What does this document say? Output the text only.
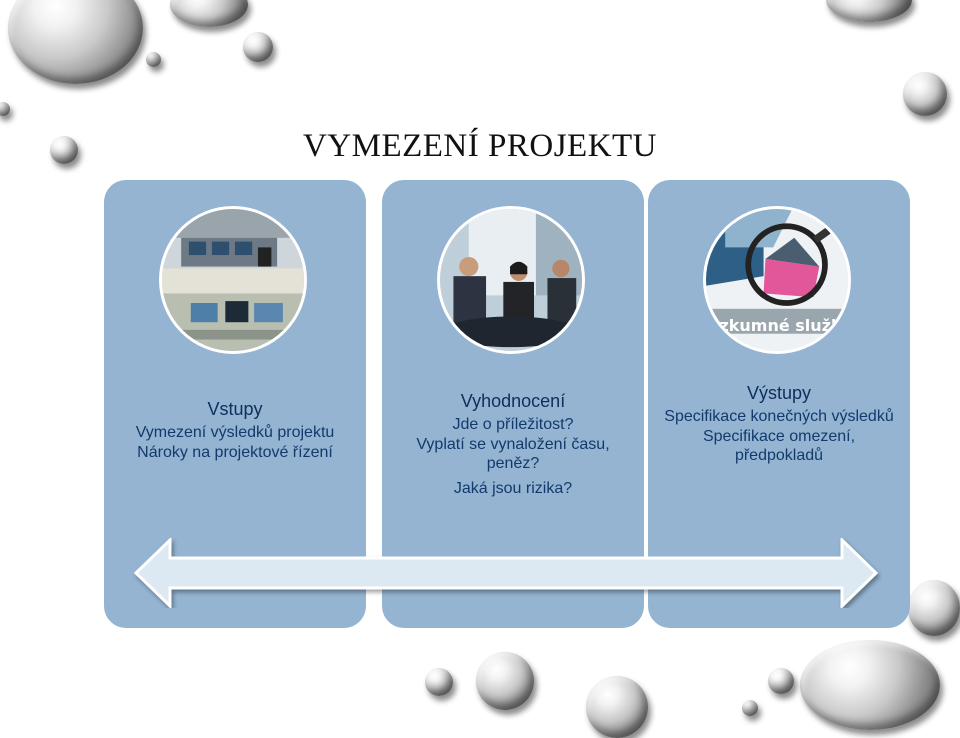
VYMEZENÍ PROJEKTU
Vstupy
Vymezení výsledků projektu
Nároky na projektové řízení
Vyhodnocení
Jde o příležitost?
Vyplatí se vynaložení času, peněz?
Jaká jsou rizika?
rzkumné služb
Výstupy
Specifikace konečných výsledků
Specifikace omezení, předpokladů
